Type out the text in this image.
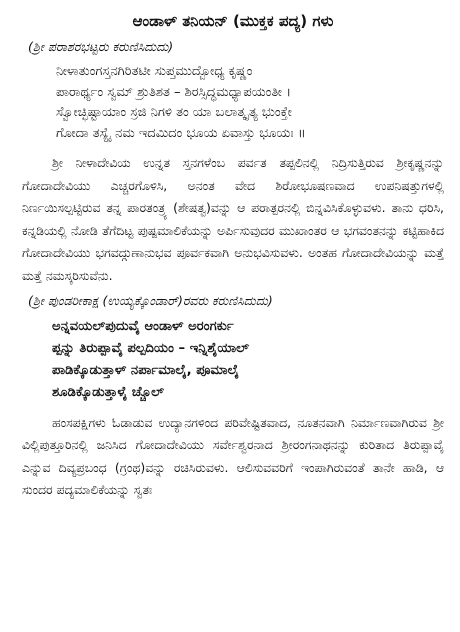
ಆಂಡಾಳ್ ತನಿಯನ್ (ಮುಕ್ತಕ ಪದ್ಯ) ಗಳು
(ಶ್ರೀ ಪರಾಶರಭಟ್ಟರು ಕರುಣಿಸಿದುದು)
ನೀಳಾತುಂಗಸ್ತನಗಿರಿತಟೀ ಸುಪ್ತಮುದ್ಬೋಧ್ಯ ಕೃಷ್ಣಂ
ಪಾರಾರ್ಥ್ಯಂ ಸ್ವಮ್ ಶ್ರುತಿಶತ – ಶಿರಸ್ಸಿದ್ಧಮಧ್ಯಾಪಯಂತೀ ।
ಸ್ವೋಚ್ಛಿಷ್ಟಾಯಾಂ ಸ್ರಜಿ ನಿಗಳಿ ತಂ ಯಾ ಬಲಾತ್ಕೃತ್ಯ ಭುಂಕ್ತೇ
ಗೋದಾ ತಸ್ಯೈ ನಮ ಇದಮಿದಂ ಭೂಯ ಏವಾಸ್ತು ಭೂಯಃ ॥

ಶ್ರೀ ನೀಳಾದೇವಿಯ ಉನ್ನತ ಸ್ತನಗಳೆಂಬ ಪರ್ವತ ತಪ್ಪಲಿನಲ್ಲಿ ನಿದ್ರಿಸುತ್ತಿರುವ ಶ್ರೀಕೃಷ್ಣನನ್ನು ಗೋದಾದೇವಿಯು ಎಚ್ಚರಗೊಳಿಸಿ, ಅನಂತ ವೇದ ಶಿರೋಭೂಷಣವಾದ ಉಪನಿಷತ್ತುಗಳಲ್ಲಿ ನಿರ್ಣಯಿಸಲ್ಪಟ್ಟಿರುವ ತನ್ನ ಪಾರತಂತ್ರ್ಯ (ಶೇಷತ್ವ)ವನ್ನು ಆ ಪರಾತ್ಪರನಲ್ಲಿ ಬಿನ್ನವಿಸಿಕೊಳ್ಳುವಳು. ತಾನು ಧರಿಸಿ, ಕನ್ನಡಿಯಲ್ಲಿ ನೋಡಿ ತೆಗೆದಿಟ್ಟ ಪುಷ್ಪಮಾಲಿಕೆಯನ್ನು ಅರ್ಪಿಸುವುದರ ಮುಖಾಂತರ ಆ ಭಗವಂತನನ್ನು ಕಟ್ಟಿಹಾಕಿದ ಗೋದಾದೇವಿಯು ಭಗವದ್ಗುಣಾನುಭವ ಪೂರ್ವಕವಾಗಿ ಅನುಭವಿಸುವಳು. ಅಂತಹ ಗೋದಾದೇವಿಯನ್ನು ಮತ್ತೆ ಮತ್ತೆ ನಮಸ್ಕರಿಸುವೆನು.

(ಶ್ರೀ ಪುಂಡರೀಕಾಕ್ಷ (ಉಯ್ಯಕ್ಕೊಂಡಾರ್)ರವರು ಕರುಣಿಸಿದುದು)
ಅನ್ನವಯಲ್‌ಪುದುವೈ ಆಂಡಾಳ್ ಅರಂಗರ್ಕು
ಪ್ಪನ್ನು ತಿರುಪ್ಪಾವೈ ಪಲ್ಪದಿಯಂ – ಇನ್ನಿಶೈಯಾಲ್
ಪಾಡಿಕ್ಕೊಡುತ್ತಾಳ್ ನರ್ಪಾಮಾಲೈ, ಪೂಮಾಲೈ
ಶೂಡಿಕ್ಕೊಡುತ್ತಾಳೈ ಚ್ಚೊಲ್

ಹಂಸಪಕ್ಷಿಗಳು ಓಡಾಡುವ ಉದ್ಯಾನಗಳಿಂದ ಪರಿವೇಷ್ಟಿತವಾದ, ನೂತನವಾಗಿ ನಿರ್ಮಾಣವಾಗಿರುವ ಶ್ರೀ ವಿಲ್ಲಿಪುತ್ತೂರಿನಲ್ಲಿ ಜನಿಸಿದ ಗೋದಾದೇವಿಯು ಸರ್ವೇಶ್ವರನಾದ ಶ್ರೀರಂಗನಾಥನನ್ನು ಕುರಿತಾದ ತಿರುಪ್ಪಾವೈ ಎನ್ನುವ ದಿವ್ಯಪ್ರಬಂಧ (ಗ್ರಂಥ)ವನ್ನು ರಚಿಸಿರುವಳು. ಆಲಿಸುವವರಿಗೆ ಇಂಪಾಗಿರುವಂತೆ ತಾನೇ ಹಾಡಿ, ಆ ಸುಂದರ ಪದ್ಯಮಾಲಿಕೆಯನ್ನು ಸ್ವತಃ
